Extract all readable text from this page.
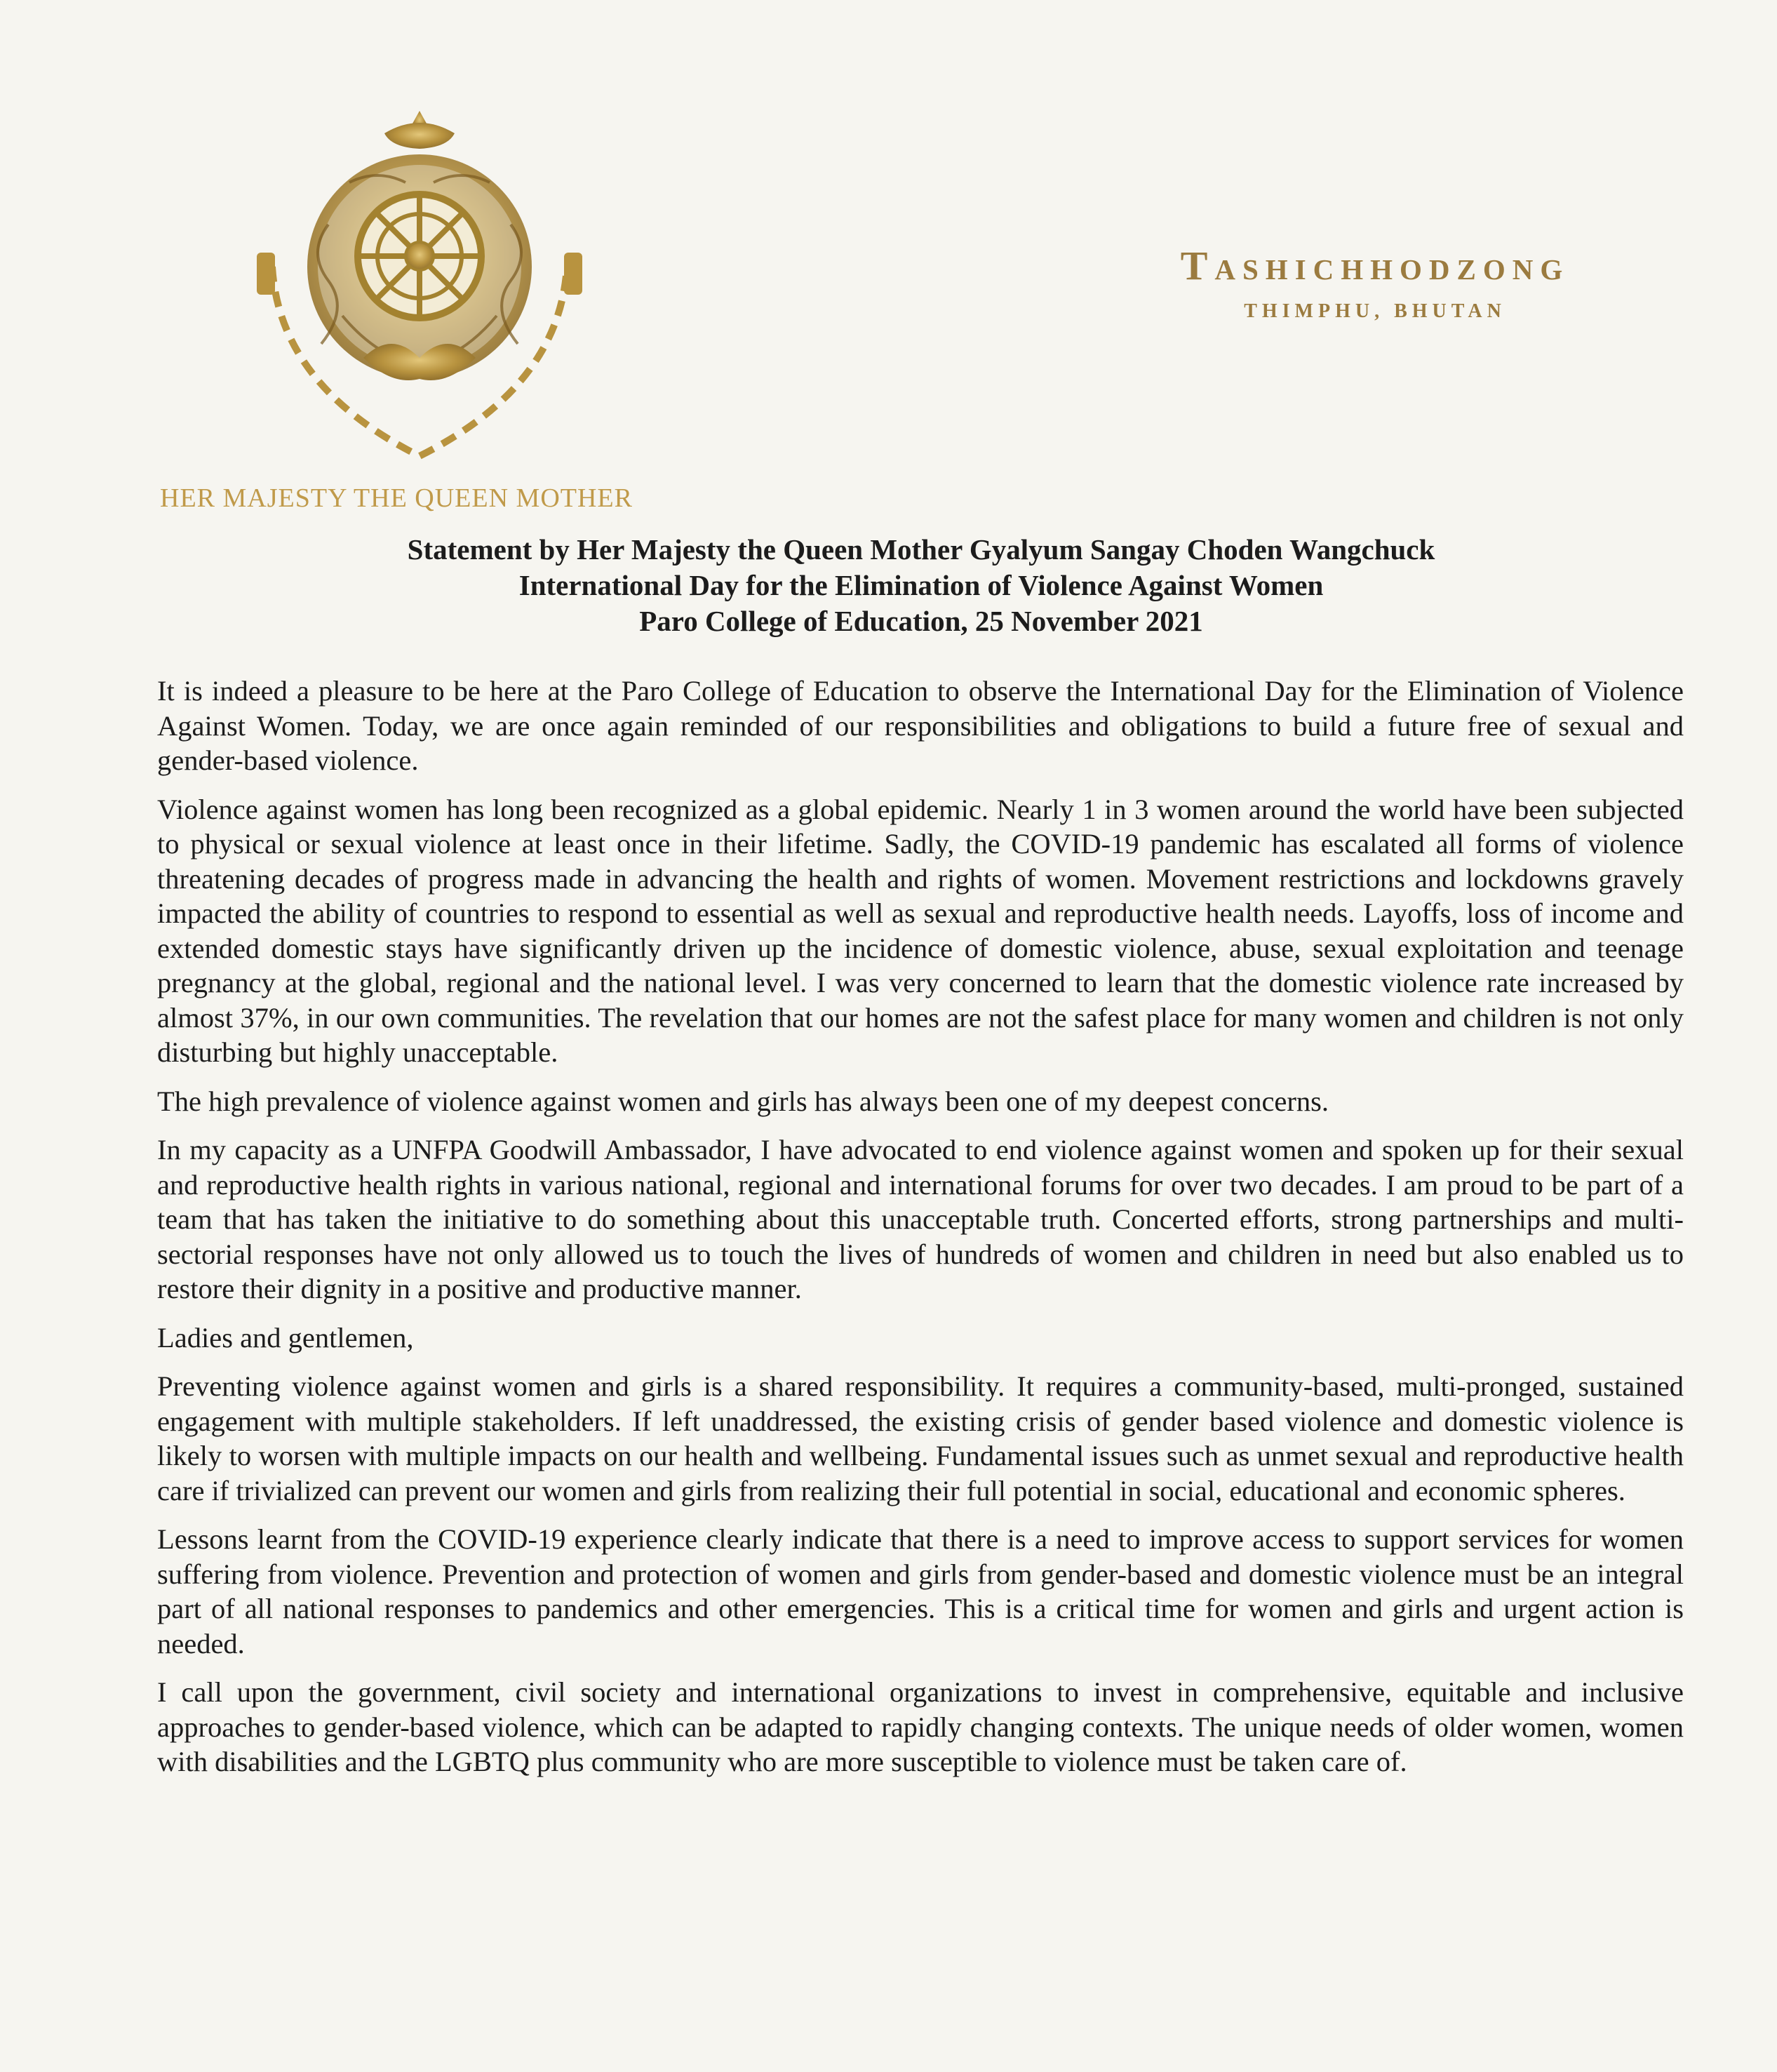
HER MAJESTY THE QUEEN MOTHER
Tashichhodzong
THIMPHU, BHUTAN
Statement by Her Majesty the Queen Mother Gyalyum Sangay Choden Wangchuck
International Day for the Elimination of Violence Against Women
Paro College of Education, 25 November 2021

It is indeed a pleasure to be here at the Paro College of Education to observe the International Day for the Elimination of Violence Against Women. Today, we are once again reminded of our responsibilities and obligations to build a future free of sexual and gender-based violence.

Violence against women has long been recognized as a global epidemic. Nearly 1 in 3 women around the world have been subjected to physical or sexual violence at least once in their lifetime. Sadly, the COVID-19 pandemic has escalated all forms of violence threatening decades of progress made in advancing the health and rights of women. Movement restrictions and lockdowns gravely impacted the ability of countries to respond to essential as well as sexual and reproductive health needs. Layoffs, loss of income and extended domestic stays have significantly driven up the incidence of domestic violence, abuse, sexual exploitation and teenage pregnancy at the global, regional and the national level. I was very concerned to learn that the domestic violence rate increased by almost 37%, in our own communities. The revelation that our homes are not the safest place for many women and children is not only disturbing but highly unacceptable.

The high prevalence of violence against women and girls has always been one of my deepest concerns.

In my capacity as a UNFPA Goodwill Ambassador, I have advocated to end violence against women and spoken up for their sexual and reproductive health rights in various national, regional and international forums for over two decades. I am proud to be part of a team that has taken the initiative to do something about this unacceptable truth. Concerted efforts, strong partnerships and multi-sectorial responses have not only allowed us to touch the lives of hundreds of women and children in need but also enabled us to restore their dignity in a positive and productive manner.

Ladies and gentlemen,

Preventing violence against women and girls is a shared responsibility. It requires a community-based, multi-pronged, sustained engagement with multiple stakeholders. If left unaddressed, the existing crisis of gender based violence and domestic violence is likely to worsen with multiple impacts on our health and wellbeing. Fundamental issues such as unmet sexual and reproductive health care if trivialized can prevent our women and girls from realizing their full potential in social, educational and economic spheres.

Lessons learnt from the COVID-19 experience clearly indicate that there is a need to improve access to support services for women suffering from violence. Prevention and protection of women and girls from gender-based and domestic violence must be an integral part of all national responses to pandemics and other emergencies. This is a critical time for women and girls and urgent action is needed.

I call upon the government, civil society and international organizations to invest in comprehensive, equitable and inclusive approaches to gender-based violence, which can be adapted to rapidly changing contexts. The unique needs of older women, women with disabilities and the LGBTQ plus community who are more susceptible to violence must be taken care of.
